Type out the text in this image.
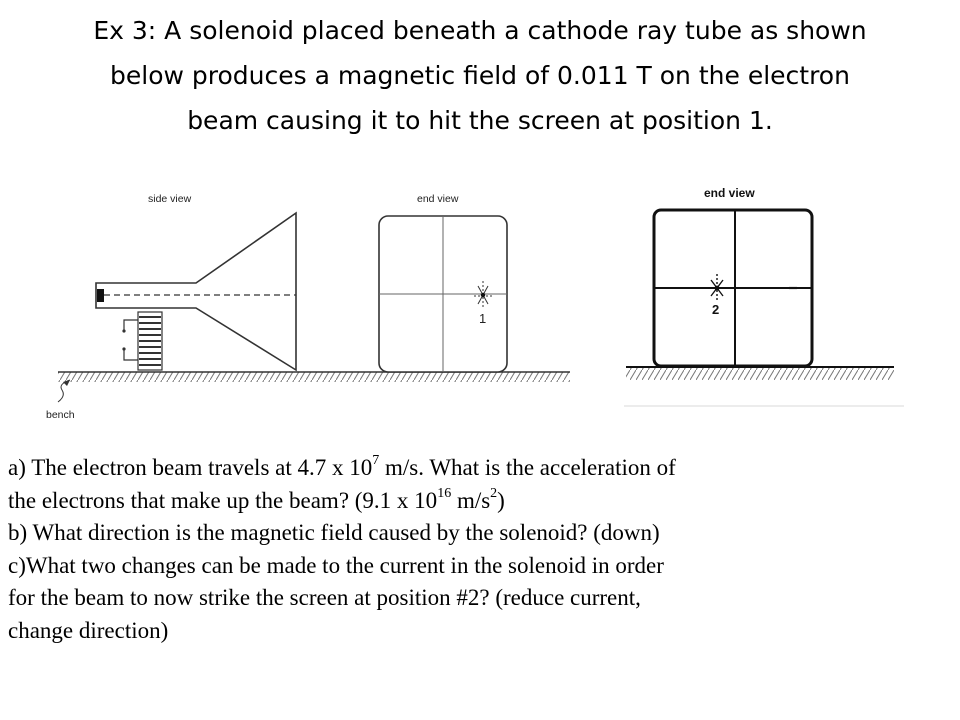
Ex 3: A solenoid placed beneath a cathode ray tube as shown
below produces a magnetic field of 0.011 T on the electron
beam causing it to hit the screen at position 1.
side view
bench
end view
1
end view
2
a) The electron beam travels at 4.7 x $10^7$ m/s. What is the acceleration of
the electrons that make up the beam? (9.1 x $10^{16}$ $m/s^2$)
b) What direction is the magnetic field caused by the solenoid? (down)
c)What two changes can be made to the current in the solenoid in order
for the beam to now strike the screen at position #2? (reduce current,
change direction)
